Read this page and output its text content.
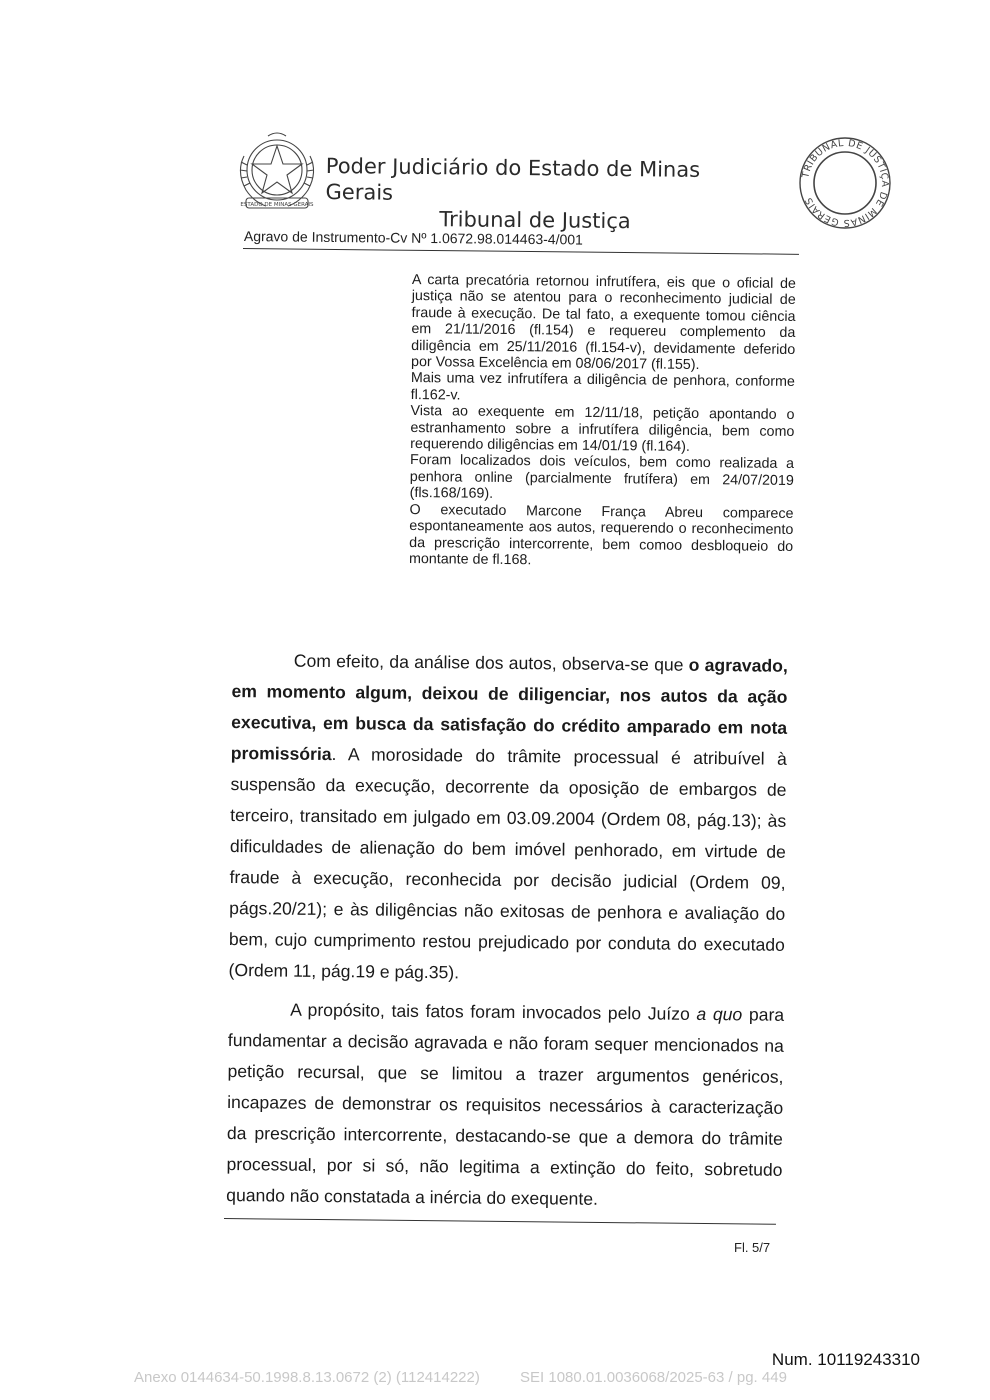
ESTADO DE MINAS GERAIS
Poder Judiciário do Estado de Minas Gerais
Tribunal de Justiça
TRIBUNAL DE JUSTIÇA DE MINAS GERAIS
Agravo de Instrumento-Cv Nº 1.0672.98.014463-4/001

A carta precatória retornou infrutífera, eis que o oficial de justiça não se atentou para o reconhecimento judicial de fraude à execução. De tal fato, a exequente tomou ciência em 21/11/2016 (fl.154) e requereu complemento da diligência em 25/11/2016 (fl.154-v), devidamente deferido por Vossa Excelência em 08/06/2017 (fl.155).

Mais uma vez infrutífera a diligência de penhora, conforme fl.162-v.

Vista ao exequente em 12/11/18, petição apontando o estranhamento sobre a infrutífera diligência, bem como requerendo diligências em 14/01/19 (fl.164).

Foram localizados dois veículos, bem como realizada a penhora online (parcialmente frutífera) em 24/07/2019 (fls.168/169).

O executado Marcone França Abreu comparece espontaneamente aos autos, requerendo o reconhecimento da prescrição intercorrente, bem comoo desbloqueio do montante de fl.168.

Com efeito, da análise dos autos, observa-se que o agravado, em momento algum, deixou de diligenciar, nos autos da ação executiva, em busca da satisfação do crédito amparado em nota promissória. A morosidade do trâmite processual é atribuível à suspensão da execução, decorrente da oposição de embargos de terceiro, transitado em julgado em 03.09.2004 (Ordem 08, pág.13); às dificuldades de alienação do bem imóvel penhorado, em virtude de fraude à execução, reconhecida por decisão judicial (Ordem 09, págs.20/21); e às diligências não exitosas de penhora e avaliação do bem, cujo cumprimento restou prejudicado por conduta do executado (Ordem 11, pág.19 e pág.35).

A propósito, tais fatos foram invocados pelo Juízo a quo para fundamentar a decisão agravada e não foram sequer mencionados na petição recursal, que se limitou a trazer argumentos genéricos, incapazes de demonstrar os requisitos necessários à caracterização da prescrição intercorrente, destacando-se que a demora do trâmite processual, por si só, não legitima a extinção do feito, sobretudo quando não constatada a inércia do exequente.

Fl. 5/7
Num. 10119243310
Anexo 0144634-50.1998.8.13.0672 (2) (112414222)	SEI 1080.01.0036068/2025-63 / pg. 449
